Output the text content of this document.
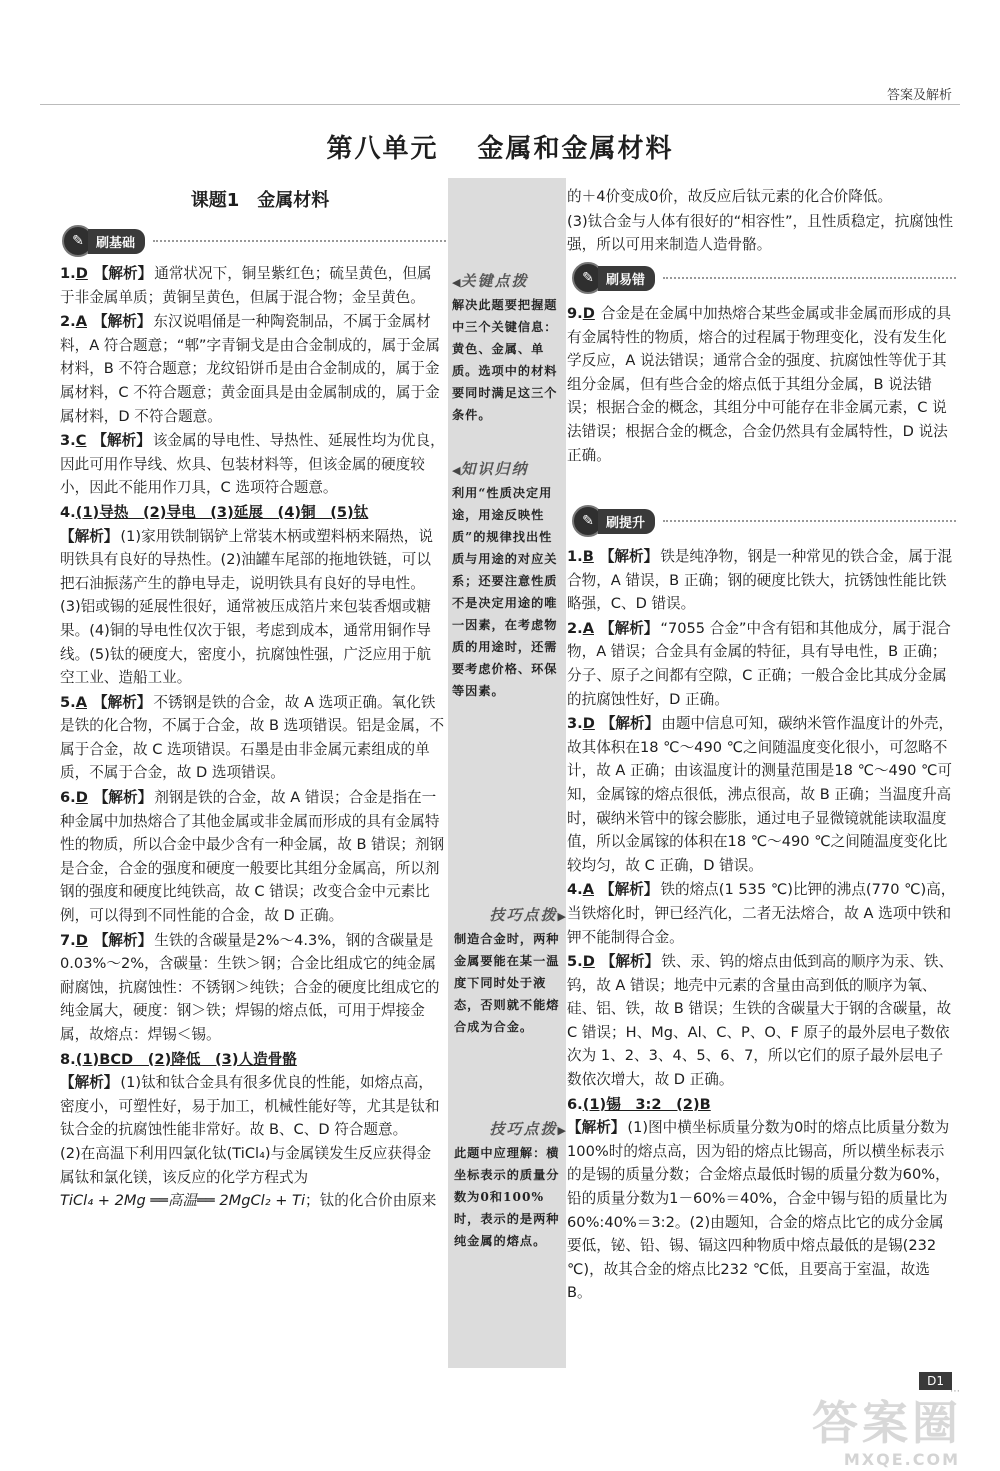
答案及解析
第八单元 金属和金属材料
课题1　金属材料
✎ 刷基础

1.D 【解析】 通常状况下，铜呈紫红色；硫呈黄色，但属于非金属单质；黄铜呈黄色，但属于混合物；金呈黄色。

2.A 【解析】 东汉说唱俑是一种陶瓷制品，不属于金属材料，A 符合题意；“郫”字青铜戈是由合金制成的，属于金属材料，B 不符合题意；龙纹铅饼币是由合金制成的，属于金属材料，C 不符合题意；黄金面具是由金属制成的，属于金属材料，D 不符合题意。

3.C 【解析】 该金属的导电性、导热性、延展性均为优良，因此可用作导线、炊具、包装材料等，但该金属的硬度较小，因此不能用作刀具，C 选项符合题意。

4.(1)导热　(2)导电　(3)延展　(4)铜　(5)钛
【解析】 (1)家用铁制锅铲上常装木柄或塑料柄来隔热，说明铁具有良好的导热性。(2)油罐车尾部的拖地铁链，可以把石油振荡产生的静电导走，说明铁具有良好的导电性。(3)铝或锡的延展性很好，通常被压成箔片来包装香烟或糖果。(4)铜的导电性仅次于银，考虑到成本，通常用铜作导线。(5)钛的硬度大，密度小，抗腐蚀性强，广泛应用于航空工业、造船工业。

5.A 【解析】 不锈钢是铁的合金，故 A 选项正确。氧化铁是铁的化合物，不属于合金，故 B 选项错误。铝是金属，不属于合金，故 C 选项错误。石墨是由非金属元素组成的单质，不属于合金，故 D 选项错误。

6.D 【解析】 剂钢是铁的合金，故 A 错误；合金是指在一种金属中加热熔合了其他金属或非金属而形成的具有金属特性的物质，所以合金中最少含有一种金属，故 B 错误；剂钢是合金，合金的强度和硬度一般要比其组分金属高，所以剂钢的强度和硬度比纯铁高，故 C 错误；改变合金中元素比例，可以得到不同性能的合金，故 D 正确。

7.D 【解析】 生铁的含碳量是2%～4.3%，钢的含碳量是0.03%～2%，含碳量：生铁＞钢；合金比组成它的纯金属耐腐蚀，抗腐蚀性：不锈钢＞纯铁；合金的硬度比组成它的纯金属大，硬度：钢＞铁；焊锡的熔点低，可用于焊接金属，故熔点：焊锡＜锡。

8.(1)BCD　(2)降低　(3)人造骨骼
【解析】 (1)钛和钛合金具有很多优良的性能，如熔点高，密度小，可塑性好，易于加工，机械性能好等，尤其是钛和钛合金的抗腐蚀性能非常好。故 B、C、D 符合题意。
(2)在高温下利用四氯化钛(TiCl₄)与金属镁发生反应获得金属钛和氯化镁，该反应的化学方程式为
TiCl₄ + 2Mg ══高温══ 2MgCl₂ + Ti；钛的化合价由原来

◀关键点拨
解决此题要把握题中三个关键信息：黄色、金属、单质。选项中的材料要同时满足这三个条件。
◀知识归纳
利用“性质决定用途，用途反映性质”的规律找出性质与用途的对应关系；还要注意性质不是决定用途的唯一因素，在考虑物质的用途时，还需要考虑价格、环保等因素。
技巧点拨▶
制造合金时，两种金属要能在某一温度下同时处于液态，否则就不能熔合成为合金。
技巧点拨▶
此题中应理解：横坐标表示的质量分数为0和100%时，表示的是两种纯金属的熔点。

的＋4价变成0价，故反应后钛元素的化合价降低。

(3)钛合金与人体有很好的“相容性”，且性质稳定，抗腐蚀性强，所以可用来制造人造骨骼。

✎ 刷易错

9.D 合金是在金属中加热熔合某些金属或非金属而形成的具有金属特性的物质，熔合的过程属于物理变化，没有发生化学反应，A 说法错误；通常合金的强度、抗腐蚀性等优于其组分金属，但有些合金的熔点低于其组分金属，B 说法错误；根据合金的概念，其组分中可能存在非金属元素，C 说法错误；根据合金的概念，合金仍然具有金属特性，D 说法正确。

✎ 刷提升

1.B 【解析】 铁是纯净物，钢是一种常见的铁合金，属于混合物，A 错误，B 正确；钢的硬度比铁大，抗锈蚀性能比铁略强，C、D 错误。

2.A 【解析】 “7055 合金”中含有铝和其他成分，属于混合物，A 错误；合金具有金属的特征，具有导电性，B 正确；分子、原子之间都有空隙，C 正确；一般合金比其成分金属的抗腐蚀性好，D 正确。

3.D 【解析】 由题中信息可知，碳纳米管作温度计的外壳，故其体积在18 ℃～490 ℃之间随温度变化很小，可忽略不计，故 A 正确；由该温度计的测量范围是18 ℃～490 ℃可知，金属镓的熔点很低，沸点很高，故 B 正确；当温度升高时，碳纳米管中的镓会膨胀，通过电子显微镜就能读取温度值，所以金属镓的体积在18 ℃～490 ℃之间随温度变化比较均匀，故 C 正确，D 错误。

4.A 【解析】 铁的熔点(1 535 ℃)比钾的沸点(770 ℃)高，当铁熔化时，钾已经汽化，二者无法熔合，故 A 选项中铁和钾不能制得合金。

5.D 【解析】 铁、汞、钨的熔点由低到高的顺序为汞、铁、钨，故 A 错误；地壳中元素的含量由高到低的顺序为氧、硅、铝、铁，故 B 错误；生铁的含碳量大于钢的含碳量，故 C 错误；H、Mg、Al、C、P、O、F 原子的最外层电子数依次为 1、2、3、4、5、6、7，所以它们的原子最外层电子数依次增大，故 D 正确。

6.(1)锡　3:2　(2)B
【解析】 (1)图中横坐标质量分数为0时的熔点比质量分数为100%时的熔点高，因为铅的熔点比锡高，所以横坐标表示的是锡的质量分数；合金熔点最低时锡的质量分数为60%，铅的质量分数为1－60%＝40%，合金中锡与铅的质量比为60%:40%＝3:2。(2)由题知，合金的熔点比它的成分金属要低，铋、铅、锡、镉这四种物质中熔点最低的是锡(232 ℃)，故其合金的熔点比232 ℃低，且要高于室温，故选 B。

D1
⋯
答案圈
MXQE.COM
